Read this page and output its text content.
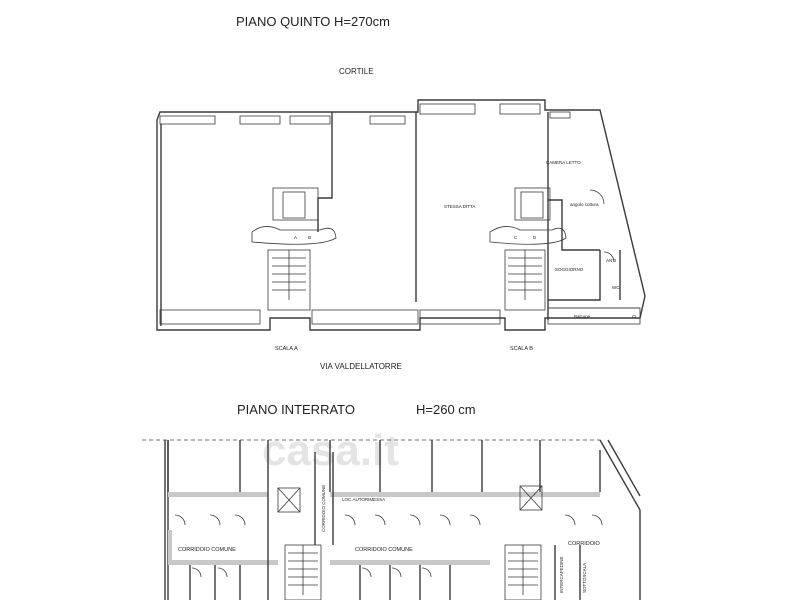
PIANO QUINTO H=270cm
CORTILE
A B	C	D
STESSA DITTA
CAMERA LETTO
angolo cottura
SOGGIORNO
ANTI
WC
Balcone	CI
SCALA A	SCALA B
VIA VALDELLATORRE
PIANO INTERRATO	H=260 cm
casa.it
CORRIDOIO COMUNE	CORRIDOIO COMUNE
CORRIDOIO
LOC.AUTORIMESSA
CORRIDOIO COMUNE
INTERCAPEDINE	SOTTOSCALA
